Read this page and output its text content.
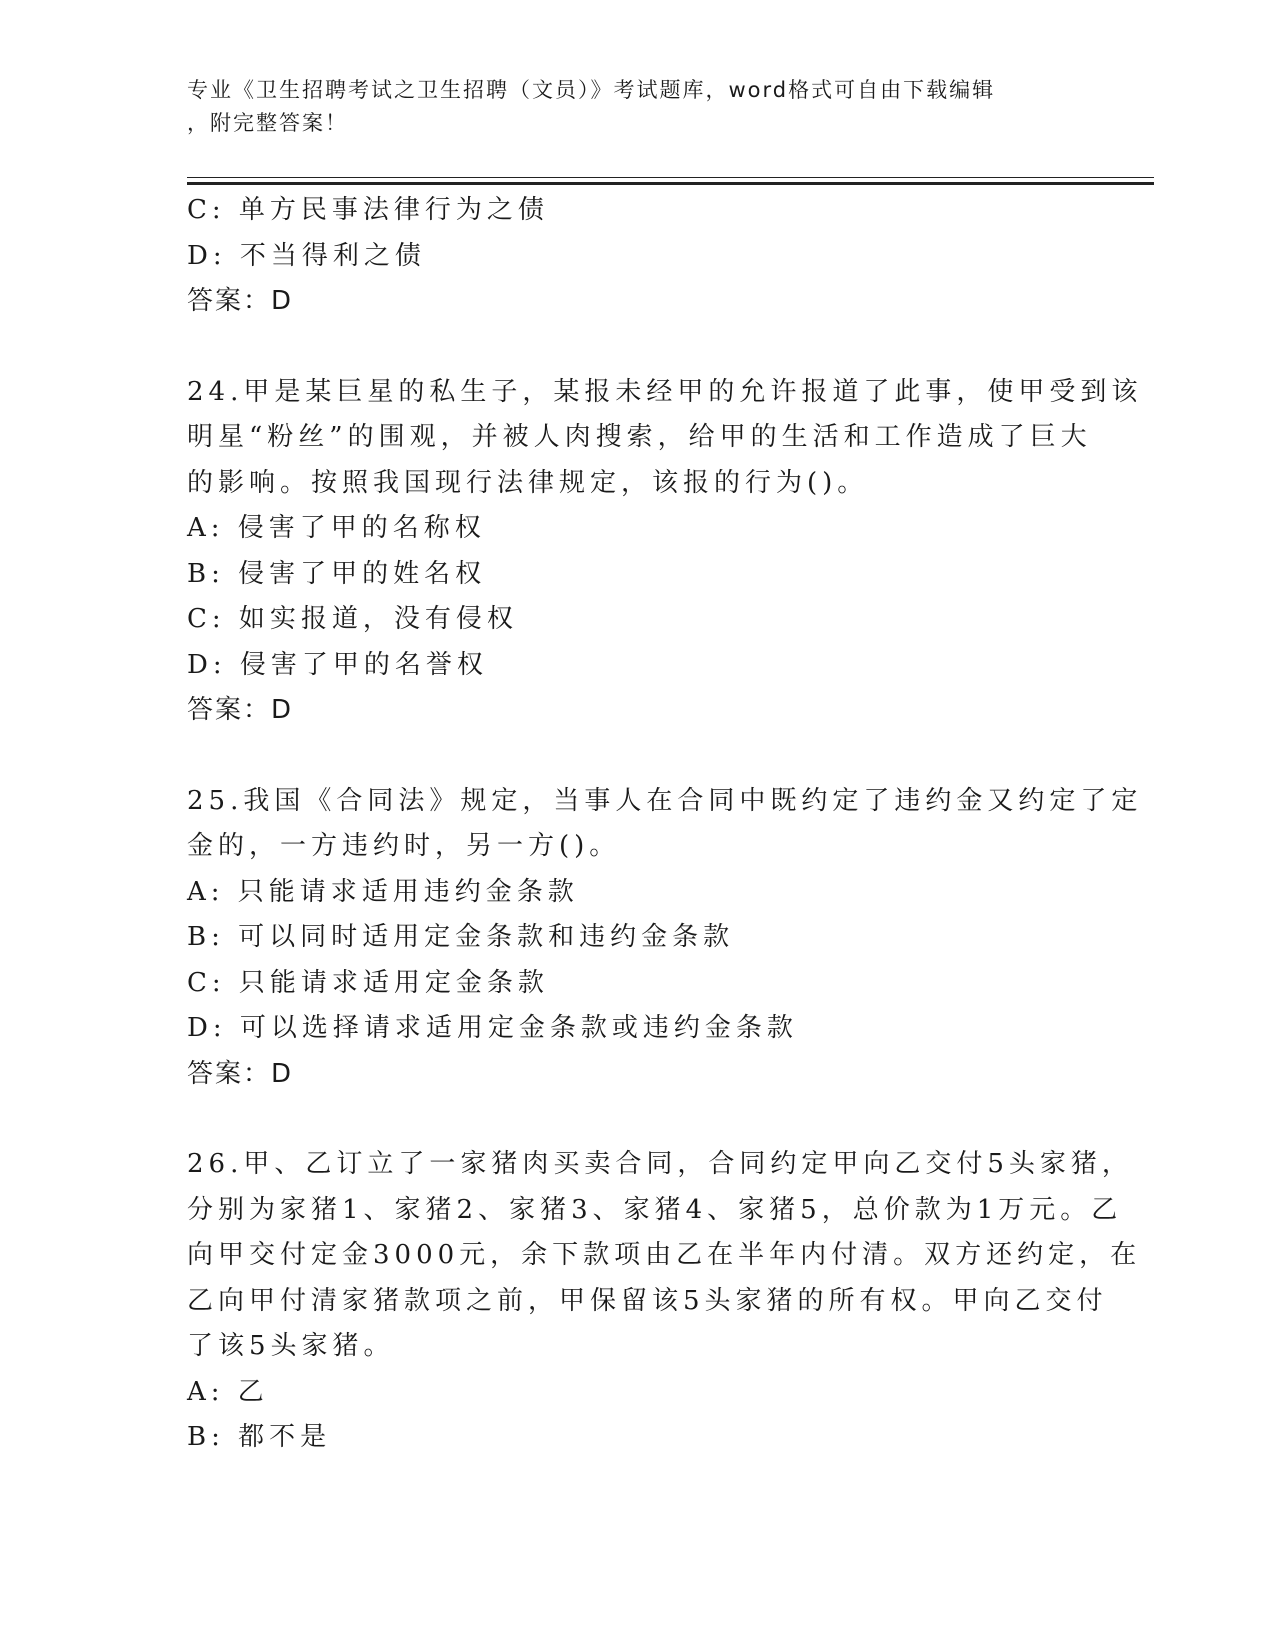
专业《卫生招聘考试之卫生招聘（文员）》考试题库，word格式可自由下载编辑
，附完整答案！
C: 单方民事法律行为之债
D: 不当得利之债
答案：D
24.甲是某巨星的私生子，某报未经甲的允许报道了此事，使甲受到该
明星“粉丝”的围观，并被人肉搜索，给甲的生活和工作造成了巨大
的影响。按照我国现行法律规定，该报的行为()。
A: 侵害了甲的名称权
B: 侵害了甲的姓名权
C: 如实报道，没有侵权
D: 侵害了甲的名誉权
答案：D
25.我国《合同法》规定，当事人在合同中既约定了违约金又约定了定
金的，一方违约时，另一方()。
A: 只能请求适用违约金条款
B: 可以同时适用定金条款和违约金条款
C: 只能请求适用定金条款
D: 可以选择请求适用定金条款或违约金条款
答案：D
26.甲、乙订立了一家猪肉买卖合同，合同约定甲向乙交付5头家猪，
分别为家猪1、家猪2、家猪3、家猪4、家猪5，总价款为1万元。乙
向甲交付定金3000元，余下款项由乙在半年内付清。双方还约定，在
乙向甲付清家猪款项之前，甲保留该5头家猪的所有权。甲向乙交付
了该5头家猪。
A: 乙
B: 都不是
